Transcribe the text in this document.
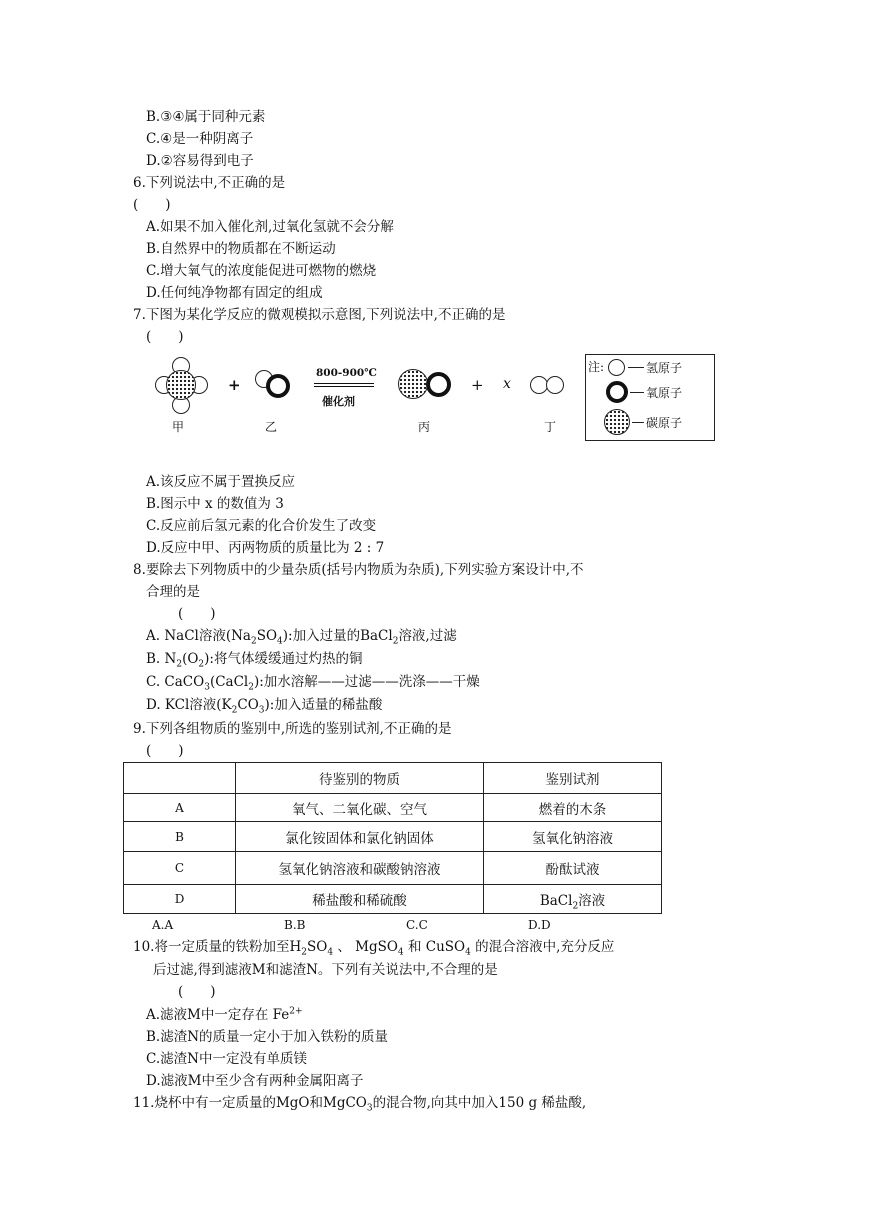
B.③④属于同种元素
C.④是一种阴离子
D.②容易得到电子
6.下列说法中,不正确的是
(　　)
A.如果不加入催化剂,过氧化氢就不会分解
B.自然界中的物质都在不断运动
C.增大氧气的浓度能促进可燃物的燃烧
D.任何纯净物都有固定的组成
7.下图为某化学反应的微观模拟示意图,下列说法中,不正确的是
(　　)
甲
+
乙
800-900℃
催化剂
丙
+ x
丁
注:	氢原子
氧原子
碳原子
A.该反应不属于置换反应
B.图示中 x 的数值为 3
C.反应前后氢元素的化合价发生了改变
D.反应中甲、丙两物质的质量比为 2 : 7
8.要除去下列物质中的少量杂质(括号内物质为杂质),下列实验方案设计中,不
合理的是
(　　)
A. NaCl溶液$(Na_2SO_4)$:加入过量的BaCl$_2$溶液,过滤
B. $N_2(O_2)$:将气体缓缓通过灼热的铜
C. CaCO$_3$(CaCl$_2$):加水溶解——过滤——洗涤——干燥
D. KCl溶液$(K_2CO_3)$:加入适量的稀盐酸
9.下列各组物质的鉴别中,所选的鉴别试剂,不正确的是
(　　)
	待鉴别的物质	鉴别试剂
A	氧气、二氧化碳、空气	燃着的木条
B	氯化铵固体和氯化钠固体	氢氧化钠溶液
C	氢氧化钠溶液和碳酸钠溶液	酚酞试液
D	稀盐酸和稀硫酸	BaCl$_2$溶液
A.A	B.B	C.C	D.D
10.将一定质量的铁粉加至$H_2SO_4$ 、 MgSO$_4$ 和 CuSO$_4$ 的混合溶液中,充分反应
后过滤,得到滤液M和滤渣N。下列有关说法中,不合理的是
(　　)
A.滤液M中一定存在 $Fe^{2+}$
B.滤渣N的质量一定小于加入铁粉的质量
C.滤渣N中一定没有单质镁
D.滤液M中至少含有两种金属阳离子
11.烧杯中有一定质量的MgO和MgCO$_3$的混合物,向其中加入150 g 稀盐酸,
